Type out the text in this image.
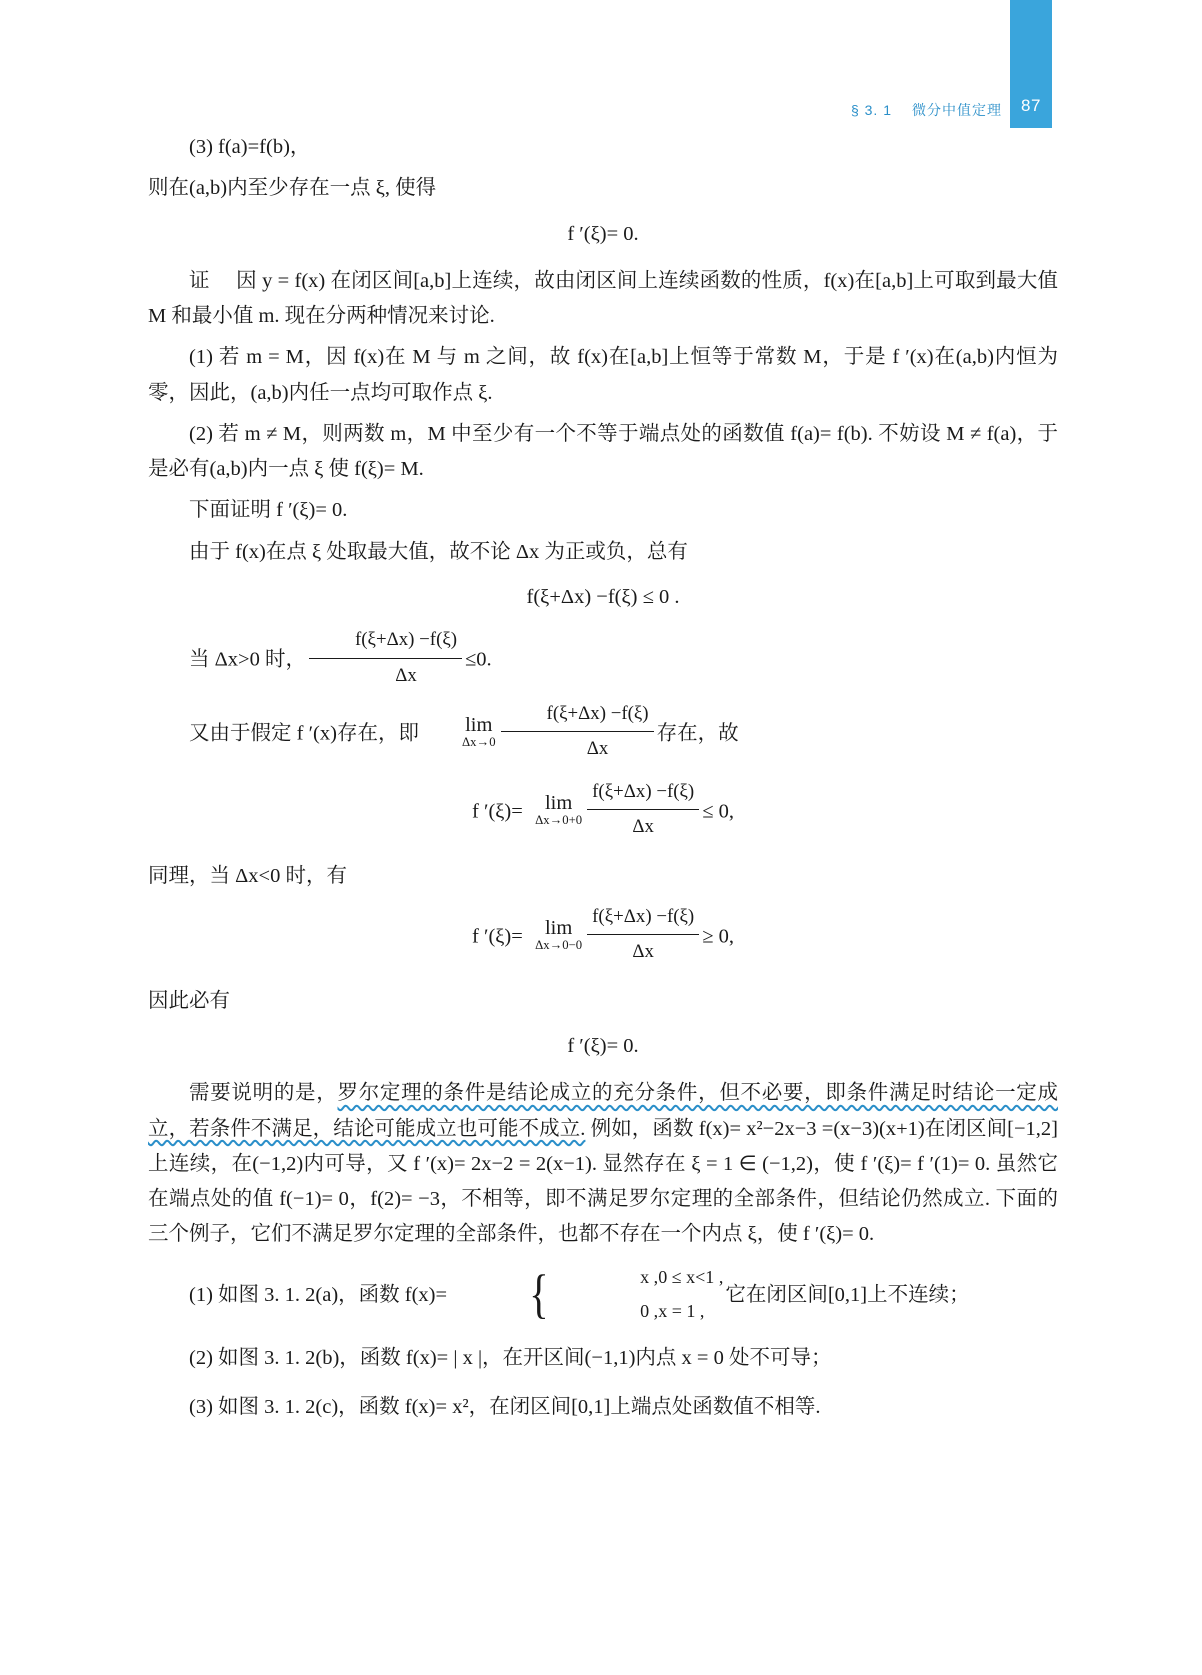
87
§ 3. 1 微分中值定理

(3) f(a)=f(b)，

则在(a,b)内至少存在一点 ξ, 使得

f ′(ξ)= 0.

证 因 y = f(x) 在闭区间[a,b]上连续，故由闭区间上连续函数的性质，f(x)在[a,b]上可取到最大值 M 和最小值 m. 现在分两种情况来讨论.

(1) 若 m = M，因 f(x)在 M 与 m 之间，故 f(x)在[a,b]上恒等于常数 M，于是 f ′(x)在(a,b)内恒为零，因此，(a,b)内任一点均可取作点 ξ.

(2) 若 m ≠ M，则两数 m，M 中至少有一个不等于端点处的函数值 f(a)= f(b). 不妨设 M ≠ f(a)，于是必有(a,b)内一点 ξ 使 f(ξ)= M.

下面证明 f ′(ξ)= 0.

由于 f(x)在点 ξ 处取最大值，故不论 Δx 为正或负，总有

f(ξ+Δx) −f(ξ) ≤ 0 .

当 Δx>0 时， $\frac{f(\xi+\Delta x) -f(\xi)}{\Delta x} \le 0$.

又由于假定 f ′(x)存在，即	lim
$\Delta x\to 0 \frac{f(\xi+\Delta x) -f(\xi)}{\Delta x}$ 存在，故

f ′(ξ)=	lim
$\Delta x\to 0+0 \frac{f(\xi+\Delta x) -f(\xi)}{\Delta x} \le 0$,

同理，当 Δx<0 时，有

f ′(ξ)=	lim
$\Delta x\to 0-0 \frac{f(\xi+\Delta x) -f(\xi)}{\Delta x} \ge 0$,

因此必有

f ′(ξ)= 0.

需要说明的是，罗尔定理的条件是结论成立的充分条件，但不必要，即条件满足时结论一定成立，若条件不满足，结论可能成立也可能不成立. 例如，函数 f(x)= x²−2x−3 =(x−3)(x+1)在闭区间[−1,2]上连续，在(−1,2)内可导，又 f ′(x)= 2x−2 = 2(x−1). 显然存在 ξ = 1 ∈ (−1,2)，使 f ′(ξ)= f ′(1)= 0. 虽然它在端点处的值 f(−1)= 0，f(2)= −3，不相等，即不满足罗尔定理的全部条件，但结论仍然成立. 下面的三个例子，它们不满足罗尔定理的全部条件，也都不存在一个内点 ξ，使 f ′(ξ)= 0.

(1) 如图 3. 1. 2(a)，函数 f(x)= {	x ,0 ≤ x<1 ,
0 ,x = 1 ,
它在闭区间[0,1]上不连续；

(2) 如图 3. 1. 2(b)，函数 f(x)= | x |，在开区间(−1,1)内点 x = 0 处不可导；

(3) 如图 3. 1. 2(c)，函数 f(x)= x²，在闭区间[0,1]上端点处函数值不相等.
